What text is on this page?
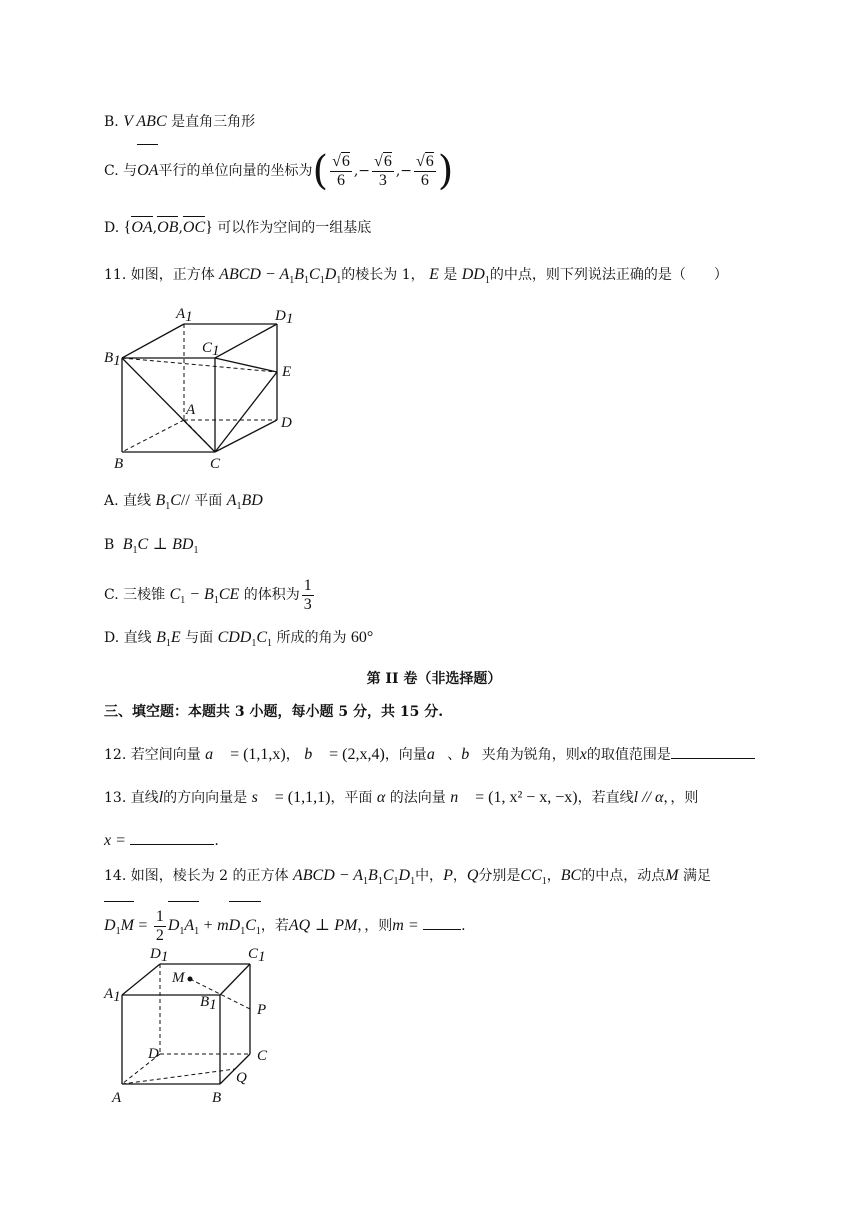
B. V ABC 是直角三角形
C. 与OA平行的单位向量的坐标为( $\frac{√6}{6}$ ,− $\frac{√6}{3}$ ,− $\frac{√6}{6}$ )
D. {OA,OB,OC} 可以作为空间的一组基底
11. 如图，正方体 ABCD − $A_1B_1C_1D_1$的棱长为 1， E 是 $DD_1$的中点，则下列说法正确的是（　　）
A1	D1
B1
C1
E
A
D
B	C
A. 直线 $B_1C//$ 平面 $A_1BD$
B  $B_1C$ ⊥ $BD_1$
C. 三棱锥 $C_1 - B_1CE$ 的体积为 $\frac{1}{3}$
D. 直线 $B_1E$ 与面 $CDD_1C_1$ 所成的角为 60°
第 II 卷（非选择题）
三、填空题：本题共 3 小题，每小题 5 分，共 15 分.
12. 若空间向量 a⃗ = (1,1,x)， b⃗ = (2,x,4)，向量a⃗、b⃗夹角为锐角，则x的取值范围是
13. 直线l的方向向量是 s⃗ = (1,1,1)，平面 α 的法向量 n⃗ = (1, x² − x, −x)，若直线l // α，，则
x =	.
14. 如图，棱长为 2 的正方体 ABCD − $A_1B_1C_1D_1$中，P，Q分别是$CC_1$，BC的中点，动点M 满足
$D_1M = \frac{1}{2} D_1A_1 + mD_1C_1$，若AQ ⊥ PM，，则m =	.
D1	C1
A1
M
B1	P
D	C
Q
A	B
